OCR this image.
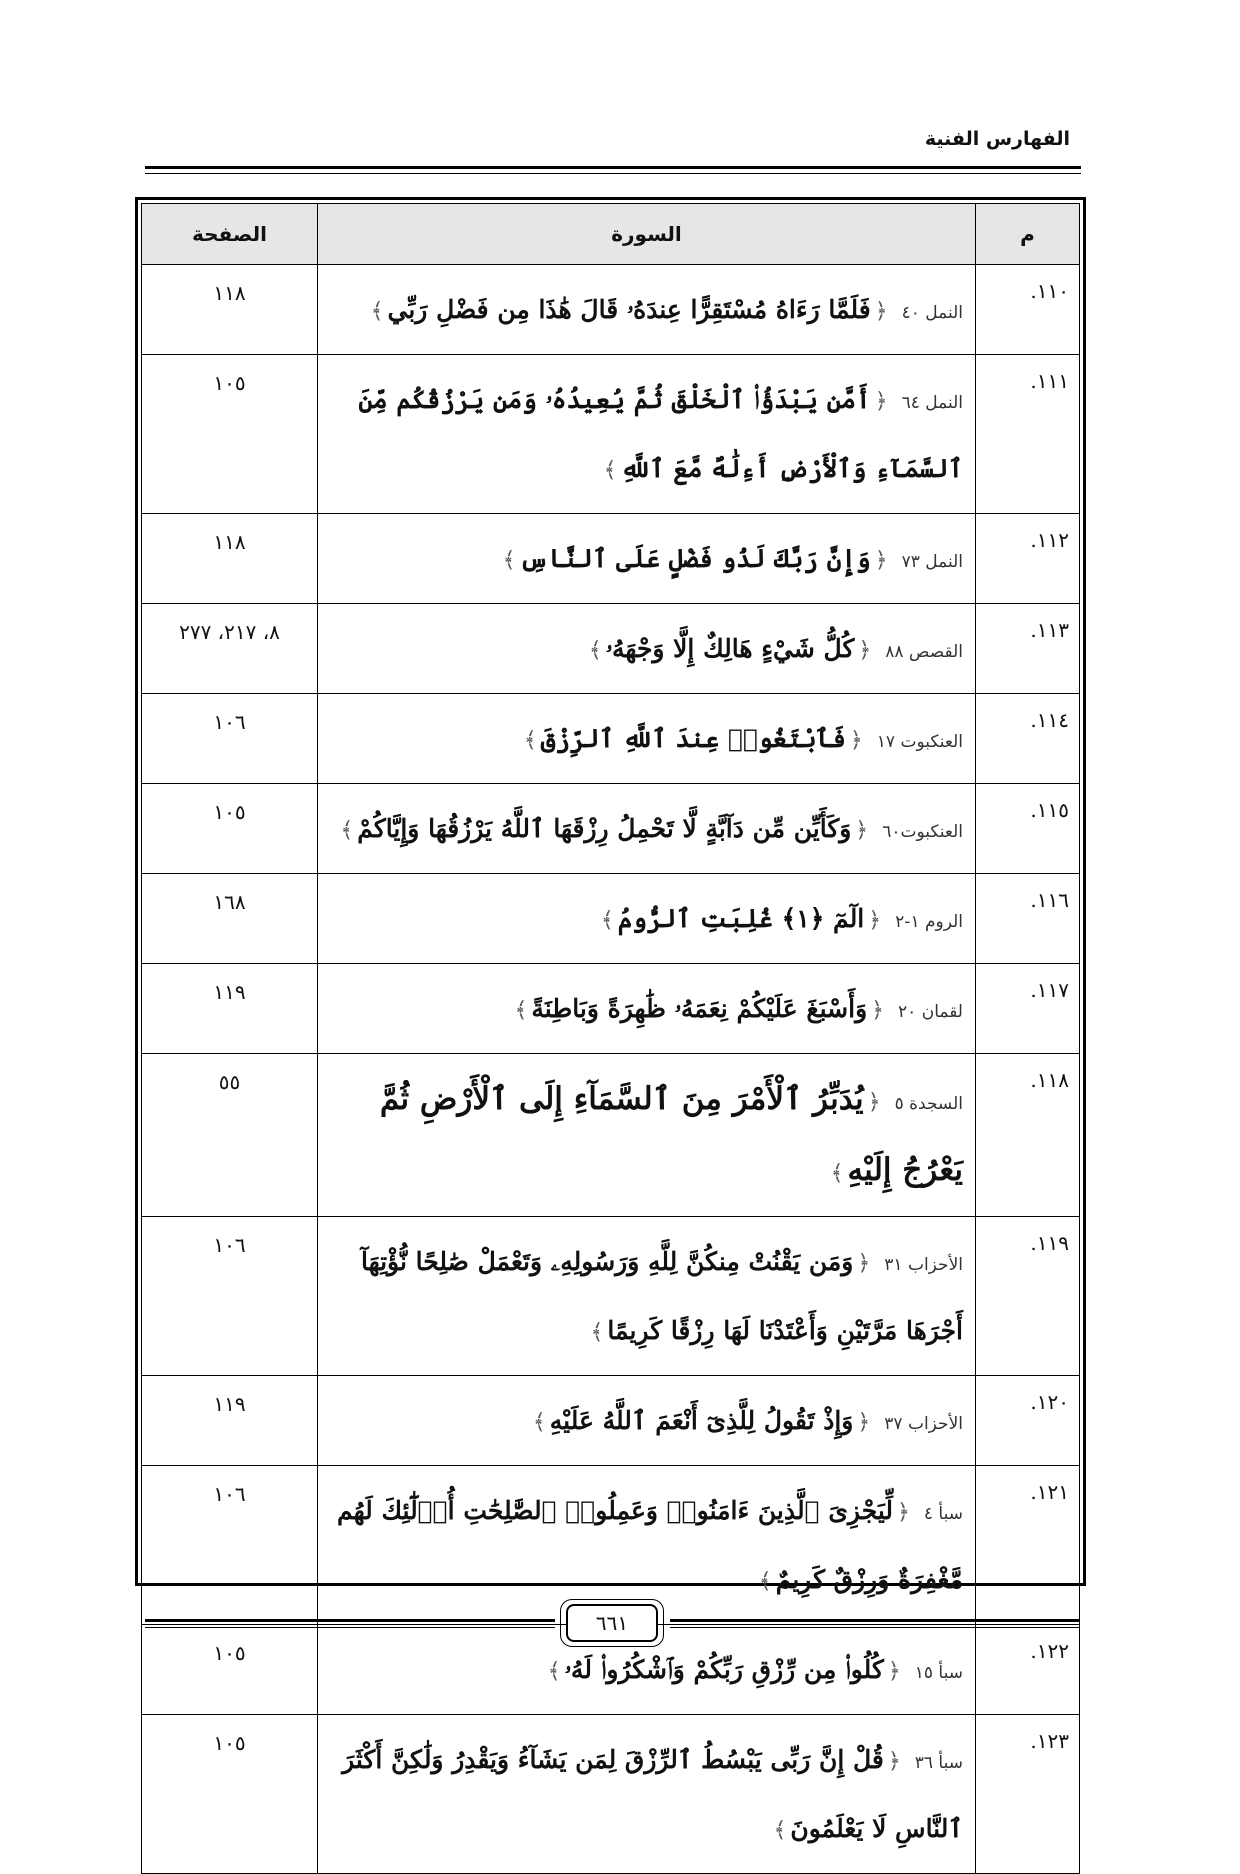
الفهارس الفنية
م	السورة	الصفحة
١١٠.	النمل ٤٠﴿فَلَمَّا رَءَاهُ مُسْتَقِرًّا عِندَهُۥ قَالَ هَٰذَا مِن فَضْلِ رَبِّي﴾	١١٨
١١١.	النمل ٦٤﴿أَمَّن يَبْدَؤُا۟ ٱلْخَلْقَ ثُمَّ يُعِيدُهُۥ وَمَن يَرْزُقُكُم مِّنَ ٱلسَّمَآءِ وَٱلْأَرْضِ أَءِلَٰهٌ مَّعَ ٱللَّهِ﴾	١٠٥
١١٢.	النمل ٧٣﴿وَإِنَّ رَبَّكَ لَذُو فَضْلٍ عَلَى ٱلنَّاسِ﴾	١١٨
١١٣.	القصص ٨٨﴿كُلُّ شَيْءٍ هَالِكٌ إِلَّا وَجْهَهُۥ﴾	٨، ٢١٧، ٢٧٧
١١٤.	العنكبوت ١٧﴿فَٱبْتَغُوا۟ عِندَ ٱللَّهِ ٱلرِّزْقَ﴾	١٠٦
١١٥.	العنكبوت٦٠﴿وَكَأَيِّن مِّن دَآبَّةٍ لَّا تَحْمِلُ رِزْقَهَا ٱللَّهُ يَرْزُقُهَا وَإِيَّاكُمْ﴾	١٠٥
١١٦.	الروم ١-٢﴿الٓمٓ ﴿١﴾ غُلِبَتِ ٱلرُّومُ﴾	١٦٨
١١٧.	لقمان ٢٠﴿وَأَسْبَغَ عَلَيْكُمْ نِعَمَهُۥ ظَٰهِرَةً وَبَاطِنَةً﴾	١١٩
١١٨.	السجدة ٥﴿يُدَبِّرُ ٱلْأَمْرَ مِنَ ٱلسَّمَآءِ إِلَى ٱلْأَرْضِ ثُمَّ يَعْرُجُ إِلَيْهِ﴾	٥٥
١١٩.	الأحزاب ٣١﴿وَمَن يَقْنُتْ مِنكُنَّ لِلَّهِ وَرَسُولِهِۦ وَتَعْمَلْ صَٰلِحًا نُّؤْتِهَآ أَجْرَهَا مَرَّتَيْنِ وَأَعْتَدْنَا لَهَا رِزْقًا كَرِيمًا﴾	١٠٦
١٢٠.	الأحزاب ٣٧﴿وَإِذْ تَقُولُ لِلَّذِىٓ أَنْعَمَ ٱللَّهُ عَلَيْهِ﴾	١١٩
١٢١.	سبأ ٤﴿لِّيَجْزِىَ ٱلَّذِينَ ءَامَنُوا۟ وَعَمِلُوا۟ ٱلصَّٰلِحَٰتِ أُو۟لَٰٓئِكَ لَهُم مَّغْفِرَةٌ وَرِزْقٌ كَرِيمٌ﴾	١٠٦
١٢٢.	سبأ ١٥﴿كُلُوا۟ مِن رِّزْقِ رَبِّكُمْ وَٱشْكُرُوا۟ لَهُۥ﴾	١٠٥
١٢٣.	سبأ ٣٦﴿قُلْ إِنَّ رَبِّى يَبْسُطُ ٱلرِّزْقَ لِمَن يَشَآءُ وَيَقْدِرُ وَلَٰكِنَّ أَكْثَرَ ٱلنَّاسِ لَا يَعْلَمُونَ﴾	١٠٥
٦٦١
